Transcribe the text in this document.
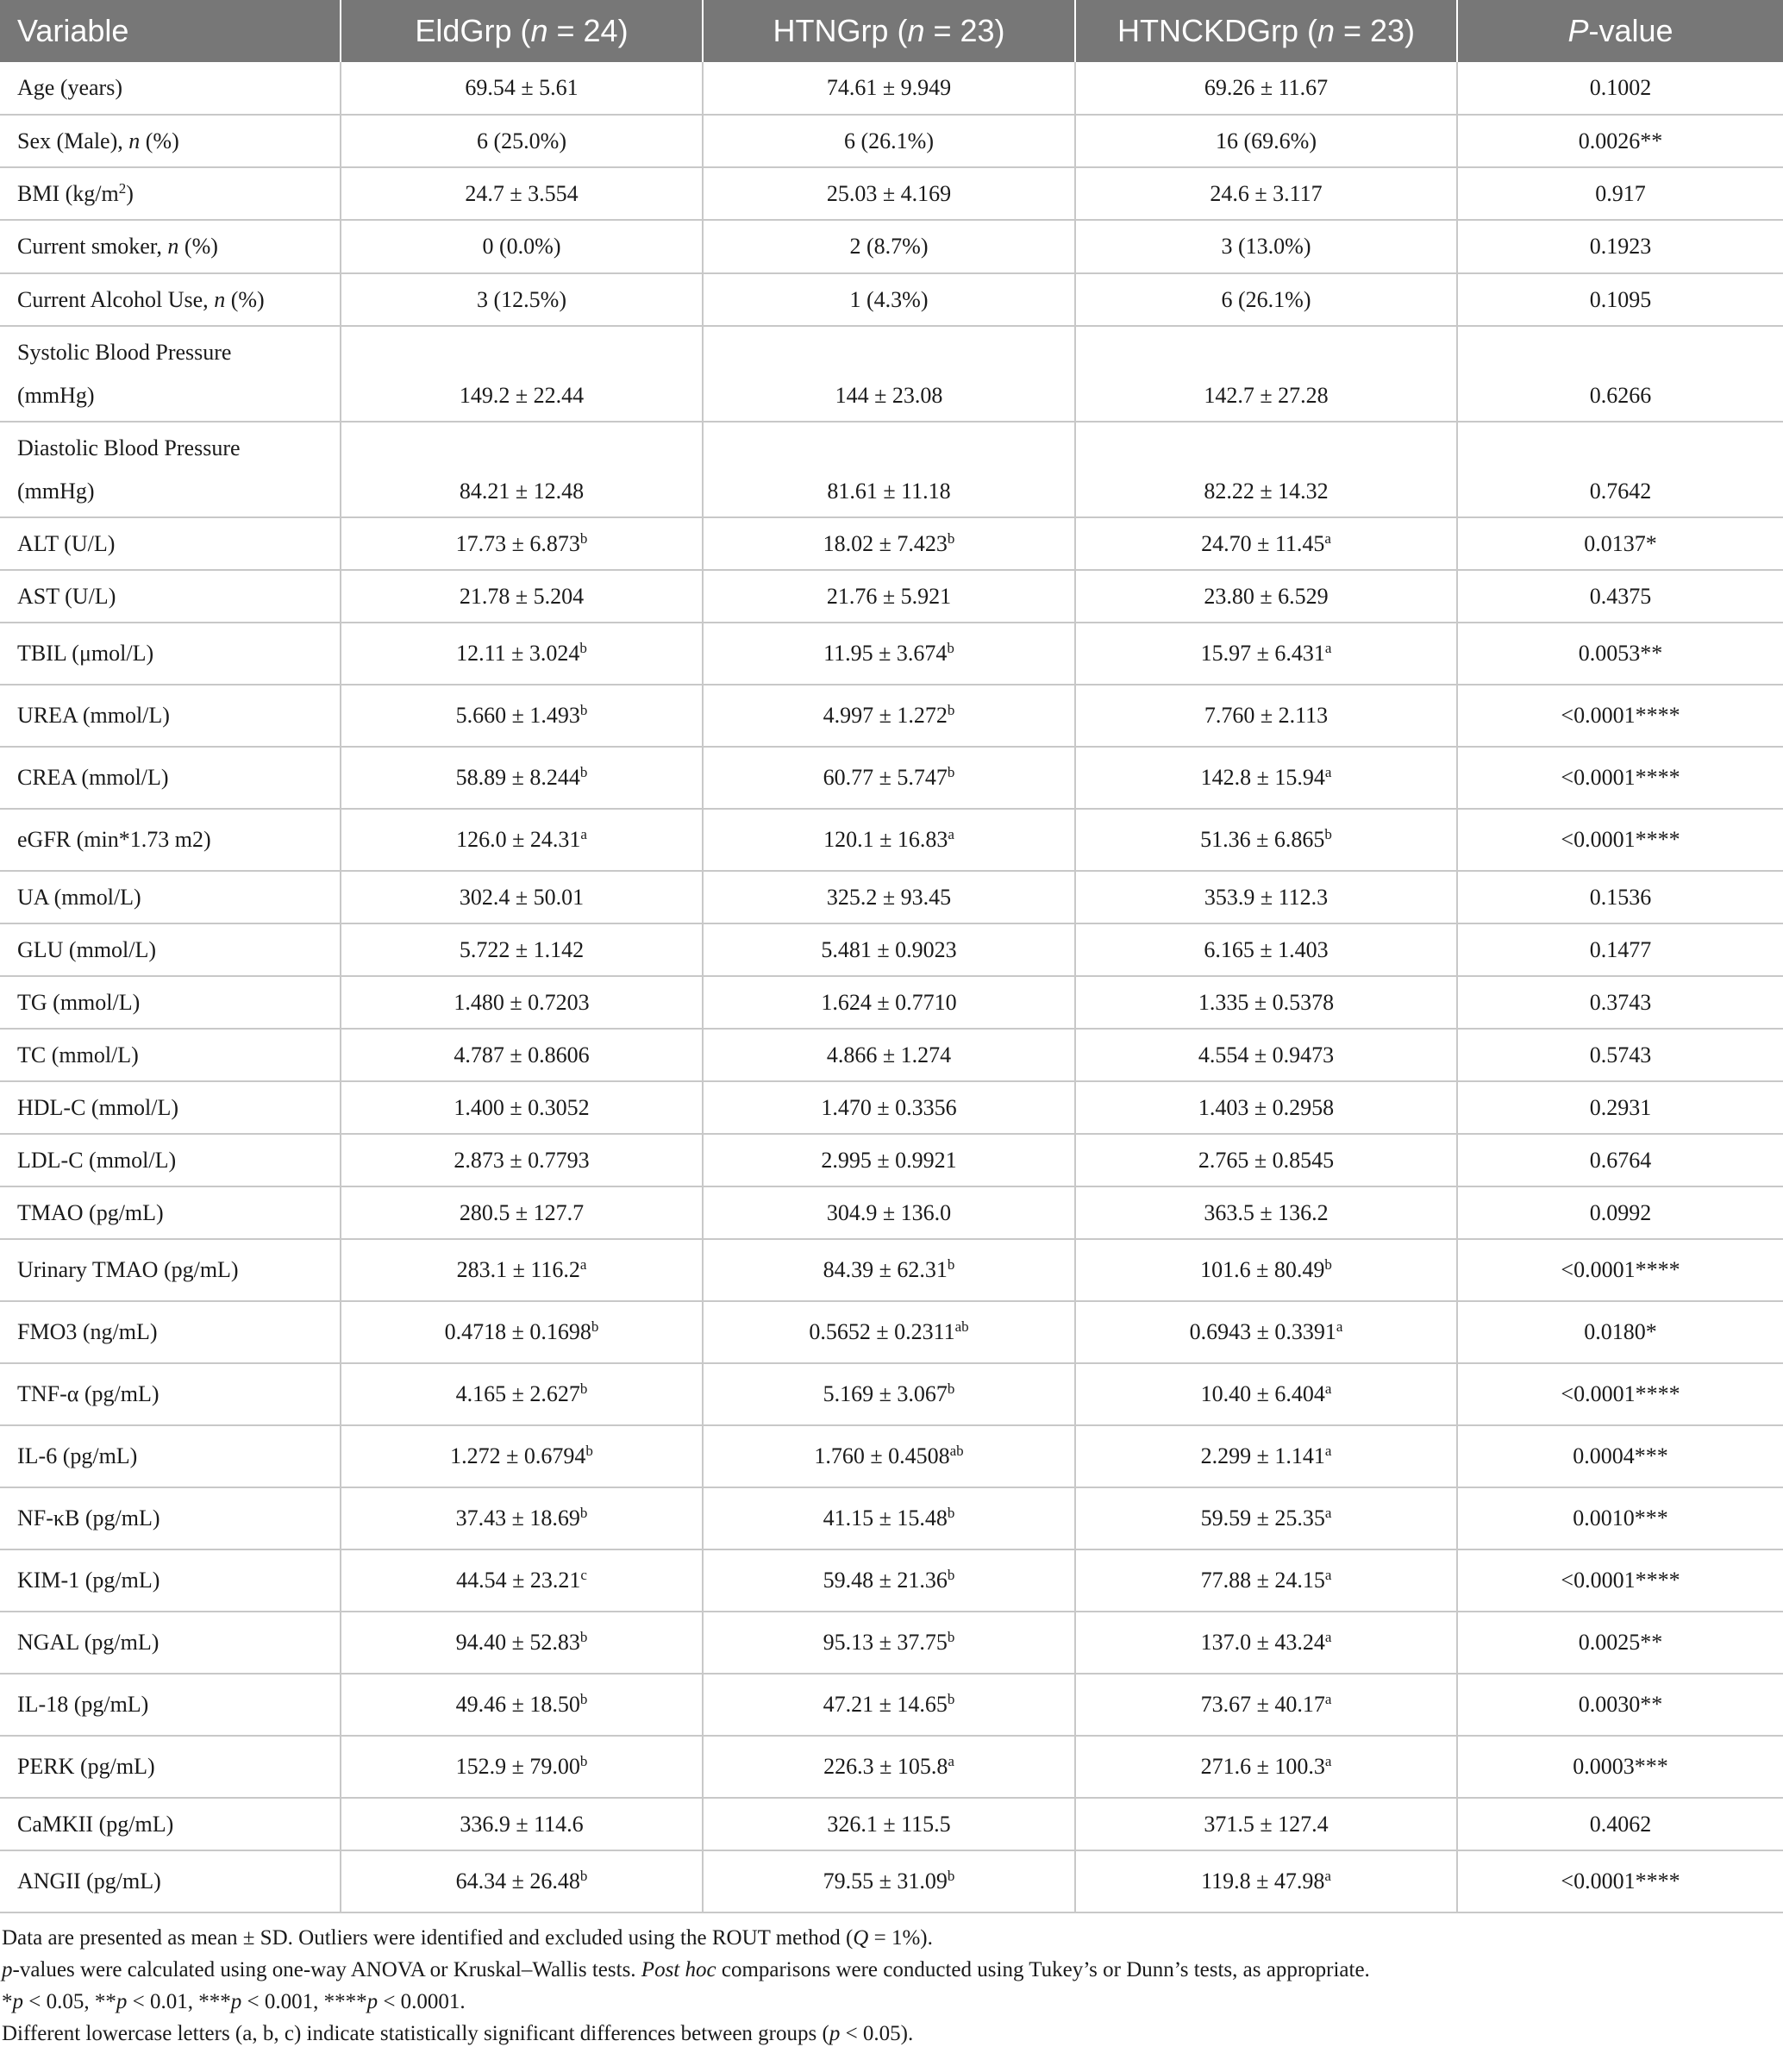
Variable	EldGrp (n = 24)	HTNGrp (n = 23)	HTNCKDGrp (n = 23)	P-value
Age (years)	69.54 ± 5.61	74.61 ± 9.949	69.26 ± 11.67	0.1002
Sex (Male), n (%)	6 (25.0%)	6 (26.1%)	16 (69.6%)	0.0026**
BMI $(kg/m^2)$	24.7 ± 3.554	25.03 ± 4.169	24.6 ± 3.117	0.917
Current smoker, n (%)	0 (0.0%)	2 (8.7%)	3 (13.0%)	0.1923
Current Alcohol Use, n (%)	3 (12.5%)	1 (4.3%)	6 (26.1%)	0.1095
Systolic Blood Pressure
(mmHg)	149.2 ± 22.44	144 ± 23.08	142.7 ± 27.28	0.6266
Diastolic Blood Pressure
(mmHg)	84.21 ± 12.48	81.61 ± 11.18	82.22 ± 14.32	0.7642
ALT (U/L)	17.73 ± 6.873$^b$	18.02 ± 7.423$^b$	24.70 ± 11.45$^a$	0.0137*
AST (U/L)	21.78 ± 5.204	21.76 ± 5.921	23.80 ± 6.529	0.4375
TBIL (μmol/L)	12.11 ± 3.024$^b$	11.95 ± 3.674$^b$	15.97 ± 6.431$^a$	0.0053**
UREA (mmol/L)	5.660 ± 1.493$^b$	4.997 ± 1.272$^b$	7.760 ± 2.113	<0.0001****
CREA (mmol/L)	58.89 ± 8.244$^b$	60.77 ± 5.747$^b$	142.8 ± 15.94$^a$	<0.0001****
eGFR (min*1.73 m2)	126.0 ± 24.31$^a$	120.1 ± 16.83$^a$	51.36 ± 6.865$^b$	<0.0001****
UA (mmol/L)	302.4 ± 50.01	325.2 ± 93.45	353.9 ± 112.3	0.1536
GLU (mmol/L)	5.722 ± 1.142	5.481 ± 0.9023	6.165 ± 1.403	0.1477
TG (mmol/L)	1.480 ± 0.7203	1.624 ± 0.7710	1.335 ± 0.5378	0.3743
TC (mmol/L)	4.787 ± 0.8606	4.866 ± 1.274	4.554 ± 0.9473	0.5743
HDL-C (mmol/L)	1.400 ± 0.3052	1.470 ± 0.3356	1.403 ± 0.2958	0.2931
LDL-C (mmol/L)	2.873 ± 0.7793	2.995 ± 0.9921	2.765 ± 0.8545	0.6764
TMAO (pg/mL)	280.5 ± 127.7	304.9 ± 136.0	363.5 ± 136.2	0.0992
Urinary TMAO (pg/mL)	283.1 ± 116.2$^a$	84.39 ± 62.31$^b$	101.6 ± 80.49$^b$	<0.0001****
FMO3 (ng/mL)	0.4718 ± 0.1698$^b$	0.5652 ± 0.2311$^{ab}$	0.6943 ± 0.3391$^a$	0.0180*
TNF-α (pg/mL)	4.165 ± 2.627$^b$	5.169 ± 3.067$^b$	10.40 ± 6.404$^a$	<0.0001****
IL-6 (pg/mL)	1.272 ± 0.6794$^b$	1.760 ± 0.4508$^{ab}$	2.299 ± 1.141$^a$	0.0004***
NF-κB (pg/mL)	37.43 ± 18.69$^b$	41.15 ± 15.48$^b$	59.59 ± 25.35$^a$	0.0010***
KIM-1 (pg/mL)	44.54 ± 23.21$^c$	59.48 ± 21.36$^b$	77.88 ± 24.15$^a$	<0.0001****
NGAL (pg/mL)	94.40 ± 52.83$^b$	95.13 ± 37.75$^b$	137.0 ± 43.24$^a$	0.0025**
IL-18 (pg/mL)	49.46 ± 18.50$^b$	47.21 ± 14.65$^b$	73.67 ± 40.17$^a$	0.0030**
PERK (pg/mL)	152.9 ± 79.00$^b$	226.3 ± 105.8$^a$	271.6 ± 100.3$^a$	0.0003***
CaMKII (pg/mL)	336.9 ± 114.6	326.1 ± 115.5	371.5 ± 127.4	0.4062
ANGII (pg/mL)	64.34 ± 26.48$^b$	79.55 ± 31.09$^b$	119.8 ± 47.98$^a$	<0.0001****
Data are presented as mean ± SD. Outliers were identified and excluded using the ROUT method (Q = 1%).
p-values were calculated using one-way ANOVA or Kruskal–Wallis tests. Post hoc comparisons were conducted using Tukey’s or Dunn’s tests, as appropriate.
*p < 0.05, **p < 0.01, ***p < 0.001, ****p < 0.0001.
Different lowercase letters (a, b, c) indicate statistically significant differences between groups (p < 0.05).
